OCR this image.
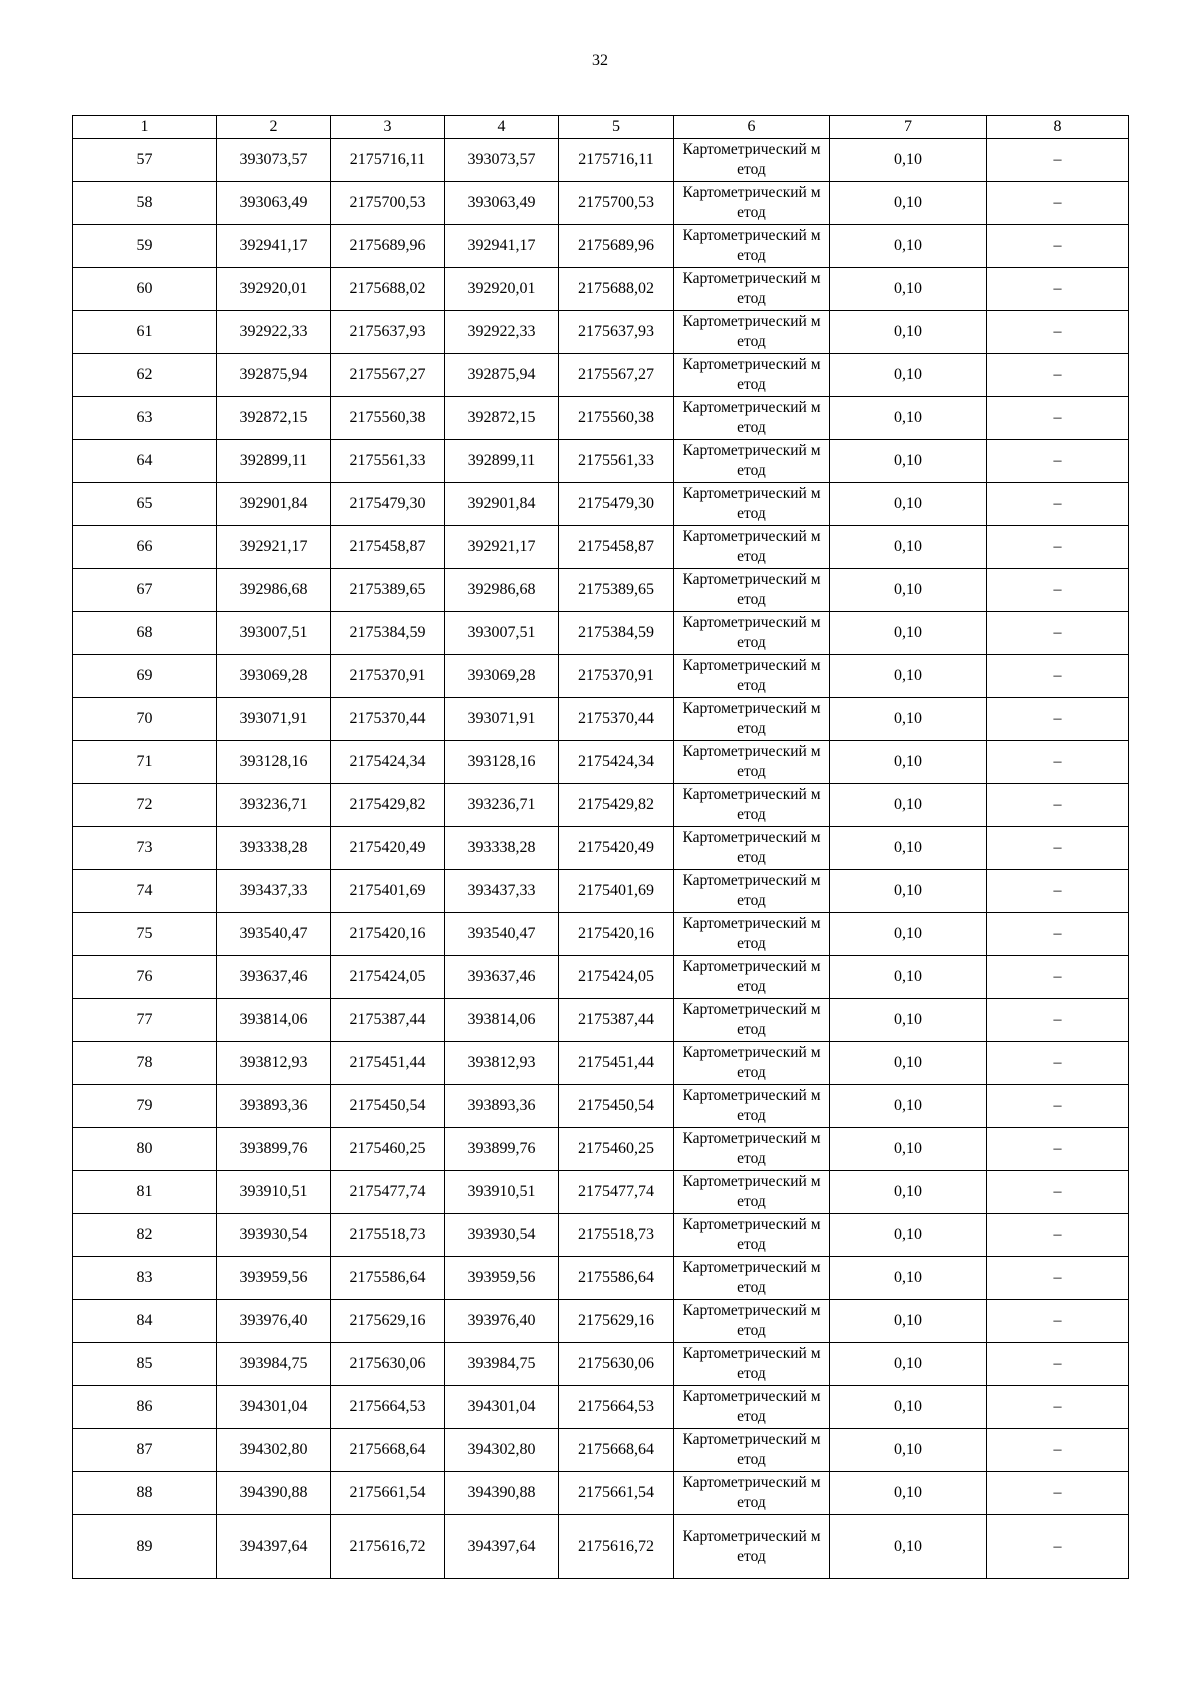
32
1	2	3	4	5	6	7	8
57	393073,57	2175716,11	393073,57	2175716,11	Картометрический метод	0,10	–
58	393063,49	2175700,53	393063,49	2175700,53	Картометрический метод	0,10	–
59	392941,17	2175689,96	392941,17	2175689,96	Картометрический метод	0,10	–
60	392920,01	2175688,02	392920,01	2175688,02	Картометрический метод	0,10	–
61	392922,33	2175637,93	392922,33	2175637,93	Картометрический метод	0,10	–
62	392875,94	2175567,27	392875,94	2175567,27	Картометрический метод	0,10	–
63	392872,15	2175560,38	392872,15	2175560,38	Картометрический метод	0,10	–
64	392899,11	2175561,33	392899,11	2175561,33	Картометрический метод	0,10	–
65	392901,84	2175479,30	392901,84	2175479,30	Картометрический метод	0,10	–
66	392921,17	2175458,87	392921,17	2175458,87	Картометрический метод	0,10	–
67	392986,68	2175389,65	392986,68	2175389,65	Картометрический метод	0,10	–
68	393007,51	2175384,59	393007,51	2175384,59	Картометрический метод	0,10	–
69	393069,28	2175370,91	393069,28	2175370,91	Картометрический метод	0,10	–
70	393071,91	2175370,44	393071,91	2175370,44	Картометрический метод	0,10	–
71	393128,16	2175424,34	393128,16	2175424,34	Картометрический метод	0,10	–
72	393236,71	2175429,82	393236,71	2175429,82	Картометрический метод	0,10	–
73	393338,28	2175420,49	393338,28	2175420,49	Картометрический метод	0,10	–
74	393437,33	2175401,69	393437,33	2175401,69	Картометрический метод	0,10	–
75	393540,47	2175420,16	393540,47	2175420,16	Картометрический метод	0,10	–
76	393637,46	2175424,05	393637,46	2175424,05	Картометрический метод	0,10	–
77	393814,06	2175387,44	393814,06	2175387,44	Картометрический метод	0,10	–
78	393812,93	2175451,44	393812,93	2175451,44	Картометрический метод	0,10	–
79	393893,36	2175450,54	393893,36	2175450,54	Картометрический метод	0,10	–
80	393899,76	2175460,25	393899,76	2175460,25	Картометрический метод	0,10	–
81	393910,51	2175477,74	393910,51	2175477,74	Картометрический метод	0,10	–
82	393930,54	2175518,73	393930,54	2175518,73	Картометрический метод	0,10	–
83	393959,56	2175586,64	393959,56	2175586,64	Картометрический метод	0,10	–
84	393976,40	2175629,16	393976,40	2175629,16	Картометрический метод	0,10	–
85	393984,75	2175630,06	393984,75	2175630,06	Картометрический метод	0,10	–
86	394301,04	2175664,53	394301,04	2175664,53	Картометрический метод	0,10	–
87	394302,80	2175668,64	394302,80	2175668,64	Картометрический метод	0,10	–
88	394390,88	2175661,54	394390,88	2175661,54	Картометрический метод	0,10	–
89	394397,64	2175616,72	394397,64	2175616,72	Картометрический метод	0,10	–
